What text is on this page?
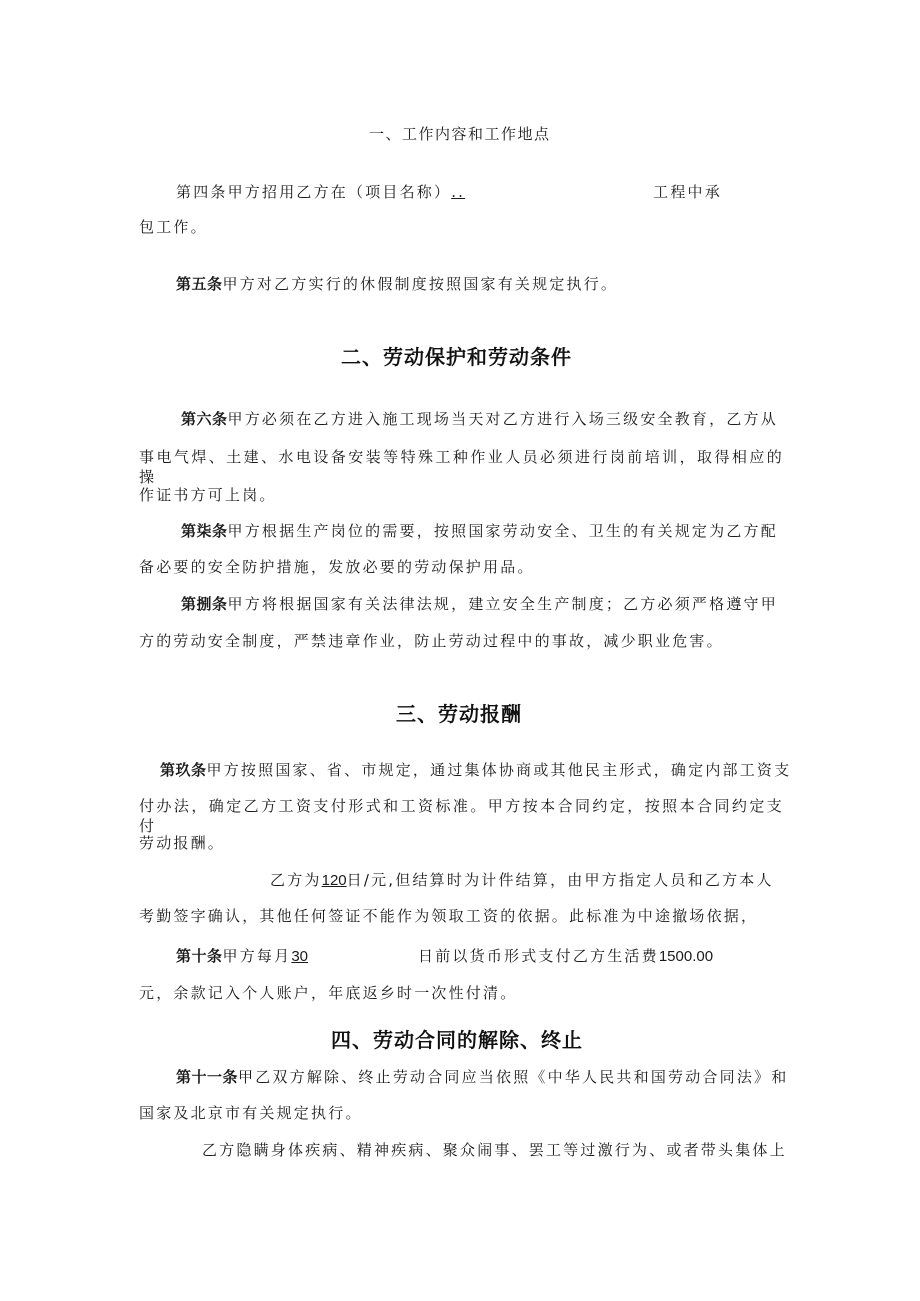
一、工作内容和工作地点
第四条甲方招用乙方在（项目名称）..	工程中承
包工作。
第五条甲方对乙方实行的休假制度按照国家有关规定执行。
二、劳动保护和劳动条件
第六条甲方必须在乙方进入施工现场当天对乙方进行入场三级安全教育，乙方从
事电气焊、土建、水电设备安装等特殊工种作业人员必须进行岗前培训，取得相应的操
作证书方可上岗。
第柒条甲方根据生产岗位的需要，按照国家劳动安全、卫生的有关规定为乙方配
备必要的安全防护措施，发放必要的劳动保护用品。
第捌条甲方将根据国家有关法律法规，建立安全生产制度；乙方必须严格遵守甲
方的劳动安全制度，严禁违章作业，防止劳动过程中的事故，减少职业危害。
三、劳动报酬
第玖条甲方按照国家、省、市规定，通过集体协商或其他民主形式，确定内部工资支
付办法，确定乙方工资支付形式和工资标准。甲方按本合同约定，按照本合同约定支付
劳动报酬。
乙方为120日/元,但结算时为计件结算，由甲方指定人员和乙方本人
考勤签字确认，其他任何签证不能作为领取工资的依据。此标准为中途撤场依据，
第十条甲方每月30	日前以货币形式支付乙方生活费1500.00
元，余款记入个人账户，年底返乡时一次性付清。
四、劳动合同的解除、终止
第十一条甲乙双方解除、终止劳动合同应当依照《中华人民共和国劳动合同法》和
国家及北京市有关规定执行。
乙方隐瞒身体疾病、精神疾病、聚众闹事、罢工等过激行为、或者带头集体上
